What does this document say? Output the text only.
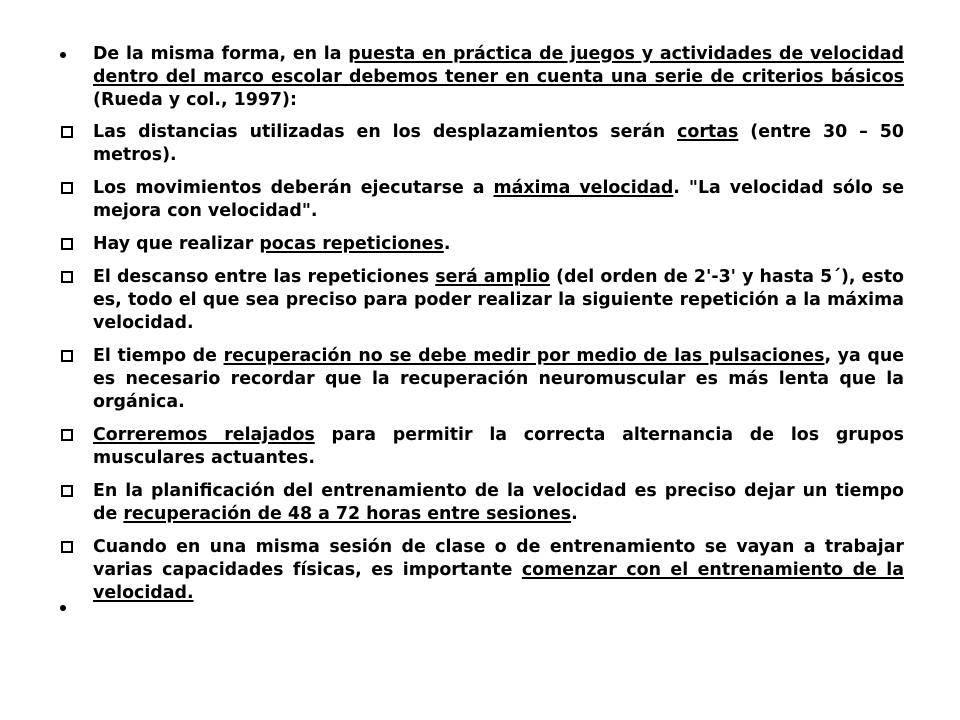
De la misma forma, en la puesta en práctica de juegos y actividades de velocidad dentro del marco escolar debemos tener en cuenta una serie de criterios básicos (Rueda y col., 1997):
Las distancias utilizadas en los desplazamientos serán cortas (entre 30 – 50 metros).
Los movimientos deberán ejecutarse a máxima velocidad. "La velocidad sólo se mejora con velocidad".
Hay que realizar pocas repeticiones.
El descanso entre las repeticiones será amplio (del orden de 2'-3' y hasta 5´), esto es, todo el que sea preciso para poder realizar la siguiente repetición a la máxima velocidad.
El tiempo de recuperación no se debe medir por medio de las pulsaciones, ya que es necesario recordar que la recuperación neuromuscular es más lenta que la orgánica.
Correremos relajados para permitir la correcta alternancia de los grupos musculares actuantes.
En la planificación del entrenamiento de la velocidad es preciso dejar un tiempo de recuperación de 48 a 72 horas entre sesiones.
Cuando en una misma sesión de clase o de entrenamiento se vayan a trabajar varias capacidades físicas, es importante comenzar con el entrenamiento de la velocidad.
